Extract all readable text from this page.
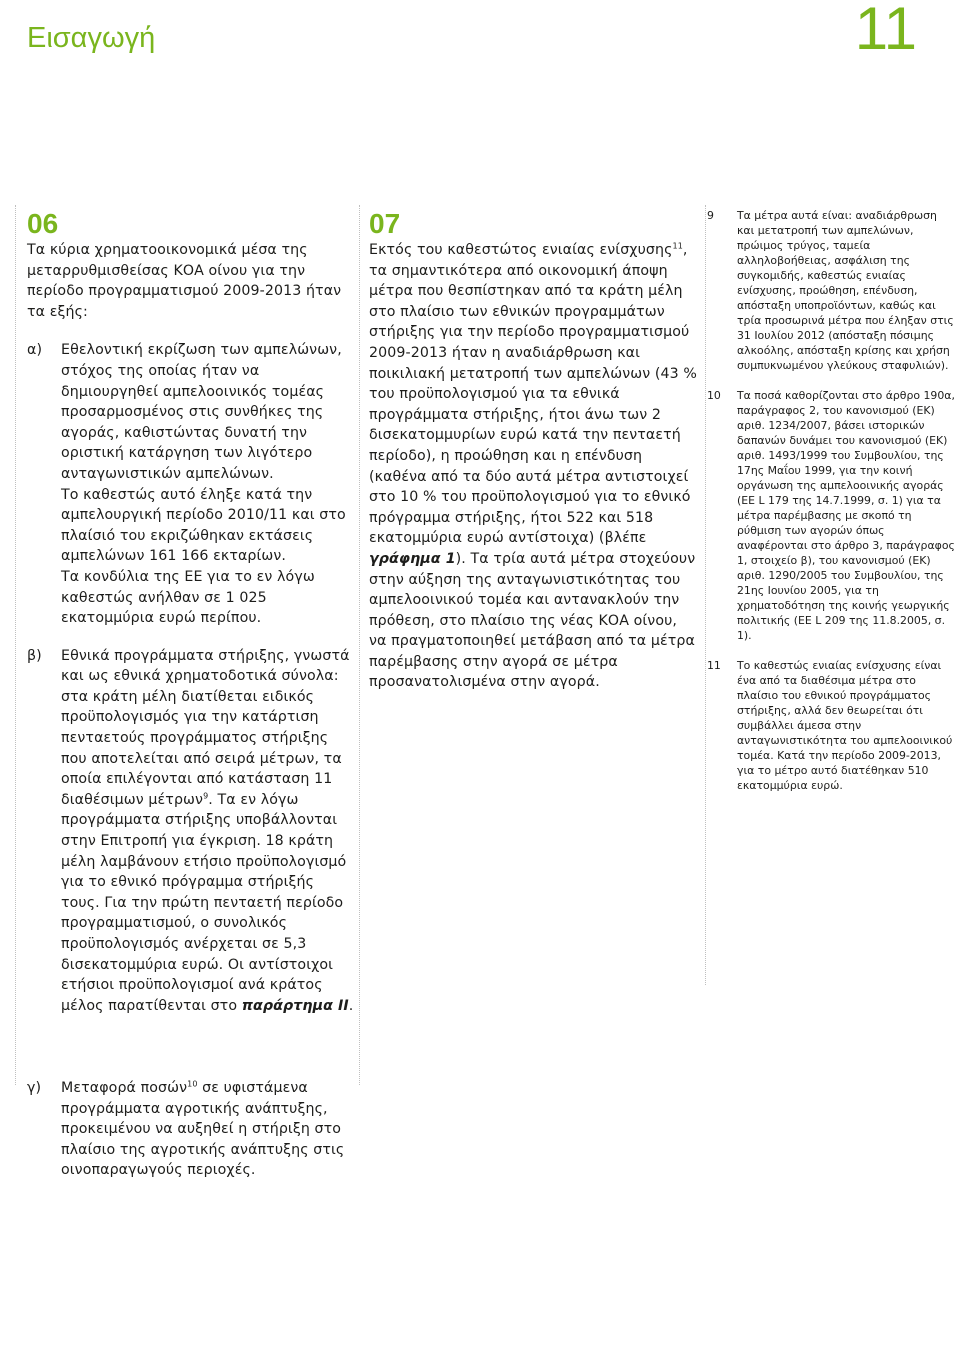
Εισαγωγή	11
06

Τα κύρια χρηματοοικονομικά μέσα της μεταρρυθμισθείσας ΚΟΑ οίνου για την περίοδο προγραμματισμού 2009-2013 ήταν τα εξής:

α)	Εθελοντική εκρίζωση των αμπελώνων, στόχος της οποίας ήταν να δημιουργηθεί αμπελοοινικός τομέας προσαρμοσμένος στις συνθήκες της αγοράς, καθιστώντας δυνατή την οριστική κατάργηση των λιγότερο ανταγωνιστικών αμπελώνων.

Το καθεστώς αυτό έληξε κατά την αμπελουργική περίοδο 2010/11 και στο πλαίσιό του εκριζώθηκαν εκτάσεις αμπελώνων 161 166 εκταρίων.

Τα κονδύλια της ΕΕ για το εν λόγω καθεστώς ανήλθαν σε 1 025 εκατομμύρια ευρώ περίπου.

β)	Εθνικά προγράμματα στήριξης, γνωστά και ως εθνικά χρηματοδοτικά σύνολα: στα κράτη μέλη διατίθεται ειδικός προϋπολογισμός για την κατάρτιση πενταετούς προγράμματος στήριξης που αποτελείται από σειρά μέτρων, τα οποία επιλέγονται από κατάσταση 11 διαθέσιμων μέτρων$^9$. Τα εν λόγω προγράμματα στήριξης υποβάλλονται στην Επιτροπή για έγκριση. 18 κράτη μέλη λαμβάνουν ετήσιο προϋπολογισμό για το εθνικό πρόγραμμα στήριξής τους. Για την πρώτη πενταετή περίοδο προγραμματισμού, ο συνολικός προϋπολογισμός ανέρχεται σε 5,3 δισεκατομμύρια ευρώ. Οι αντίστοιχοι ετήσιοι προϋπολογισμοί ανά κράτος μέλος παρατίθενται στο παράρτημα ΙΙ.

γ)	Μεταφορά ποσών$^{10}$ σε υφιστάμενα προγράμματα αγροτικής ανάπτυξης, προκειμένου να αυξηθεί η στήριξη στο πλαίσιο της αγροτικής ανάπτυξης στις οινοπαραγωγούς περιοχές.

07

Εκτός του καθεστώτος ενιαίας ενίσχυσης$^{11}$, τα σημαντικότερα από οικονομική άποψη μέτρα που θεσπίστηκαν από τα κράτη μέλη στο πλαίσιο των εθνικών προγραμμάτων στήριξης για την περίοδο προγραμματισμού 2009-2013 ήταν η αναδιάρθρωση και ποικιλιακή μετατροπή των αμπελώνων (43 % του προϋπολογισμού για τα εθνικά προγράμματα στήριξης, ήτοι άνω των 2 δισεκατομμυρίων ευρώ κατά την πενταετή περίοδο), η προώθηση και η επένδυση (καθένα από τα δύο αυτά μέτρα αντιστοιχεί στο 10 % του προϋπολογισμού για το εθνικό πρόγραμμα στήριξης, ήτοι 522 και 518 εκατομμύρια ευρώ αντίστοιχα) (βλέπε γράφημα 1). Τα τρία αυτά μέτρα στοχεύουν στην αύξηση της ανταγωνιστικότητας του αμπελοοινικού τομέα και αντανακλούν την πρόθεση, στο πλαίσιο της νέας ΚΟΑ οίνου, να πραγματοποιηθεί μετάβαση από τα μέτρα παρέμβασης στην αγορά σε μέτρα προσανατολισμένα στην αγορά.

9	Τα μέτρα αυτά είναι: αναδιάρθρωση και μετατροπή των αμπελώνων, πρώιμος τρύγος, ταμεία αλληλοβοήθειας, ασφάλιση της συγκομιδής, καθεστώς ενιαίας ενίσχυσης, προώθηση, επένδυση, απόσταξη υποπροϊόντων, καθώς και τρία προσωρινά μέτρα που έληξαν στις 31 Ιουλίου 2012 (απόσταξη πόσιμης αλκοόλης, απόσταξη κρίσης και χρήση συμπυκνωμένου γλεύκους σταφυλιών).
10	Τα ποσά καθορίζονται στο άρθρο 190α, παράγραφος 2, του κανονισμού (ΕΚ) αριθ. 1234/2007, βάσει ιστορικών δαπανών δυνάμει του κανονισμού (ΕΚ) αριθ. 1493/1999 του Συμβουλίου, της 17ης Μαΐου 1999, για την κοινή οργάνωση της αμπελοοινικής αγοράς (ΕΕ L 179 της 14.7.1999, σ. 1) για τα μέτρα παρέμβασης με σκοπό τη ρύθμιση των αγορών όπως αναφέρονται στο άρθρο 3, παράγραφος 1, στοιχείο β), του κανονισμού (ΕΚ) αριθ. 1290/2005 του Συμβουλίου, της 21ης Ιουνίου 2005, για τη χρηματοδότηση της κοινής γεωργικής πολιτικής (ΕΕ L 209 της 11.8.2005, σ. 1).
11	Το καθεστώς ενιαίας ενίσχυσης είναι ένα από τα διαθέσιμα μέτρα στο πλαίσιο του εθνικού προγράμματος στήριξης, αλλά δεν θεωρείται ότι συμβάλλει άμεσα στην ανταγωνιστικότητα του αμπελοοινικού τομέα. Κατά την περίοδο 2009-2013, για το μέτρο αυτό διατέθηκαν 510 εκατομμύρια ευρώ.
